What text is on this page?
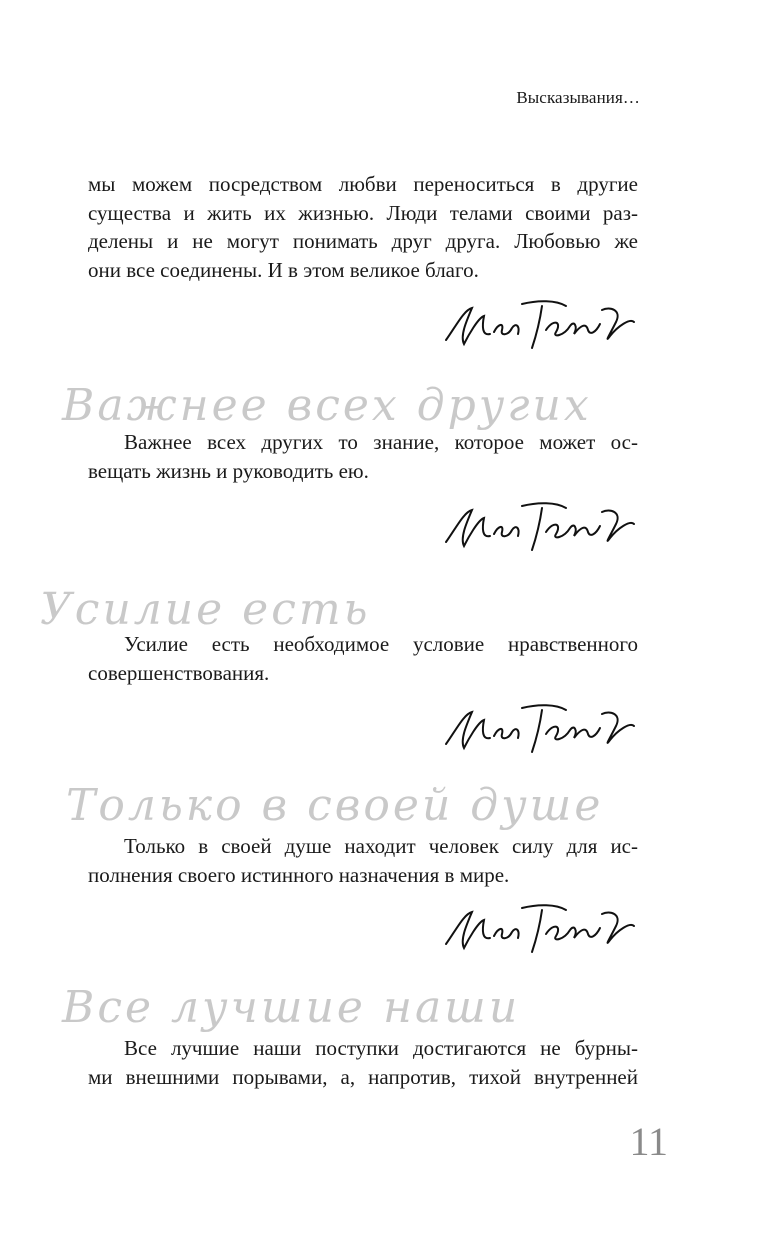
Высказывания…

мы можем посредством любви переноситься в другие
существа и жить их жизнью. Люди телами своими раз-
делены и не могут понимать друг друга. Любовью же
они все соединены. И в этом великое благо.

Важнее всех других

Важнее всех других то знание, которое может ос-
вещать жизнь и руководить ею.

Усилие есть

Усилие есть необходимое условие нравственного
совершенствования.

Только в своей душе

Только в своей душе находит человек силу для ис-
полнения своего истинного назначения в мире.

Все лучшие наши

Все лучшие наши поступки достигаются не бурны-
ми внешними порывами, а, напротив, тихой внутренней

11
